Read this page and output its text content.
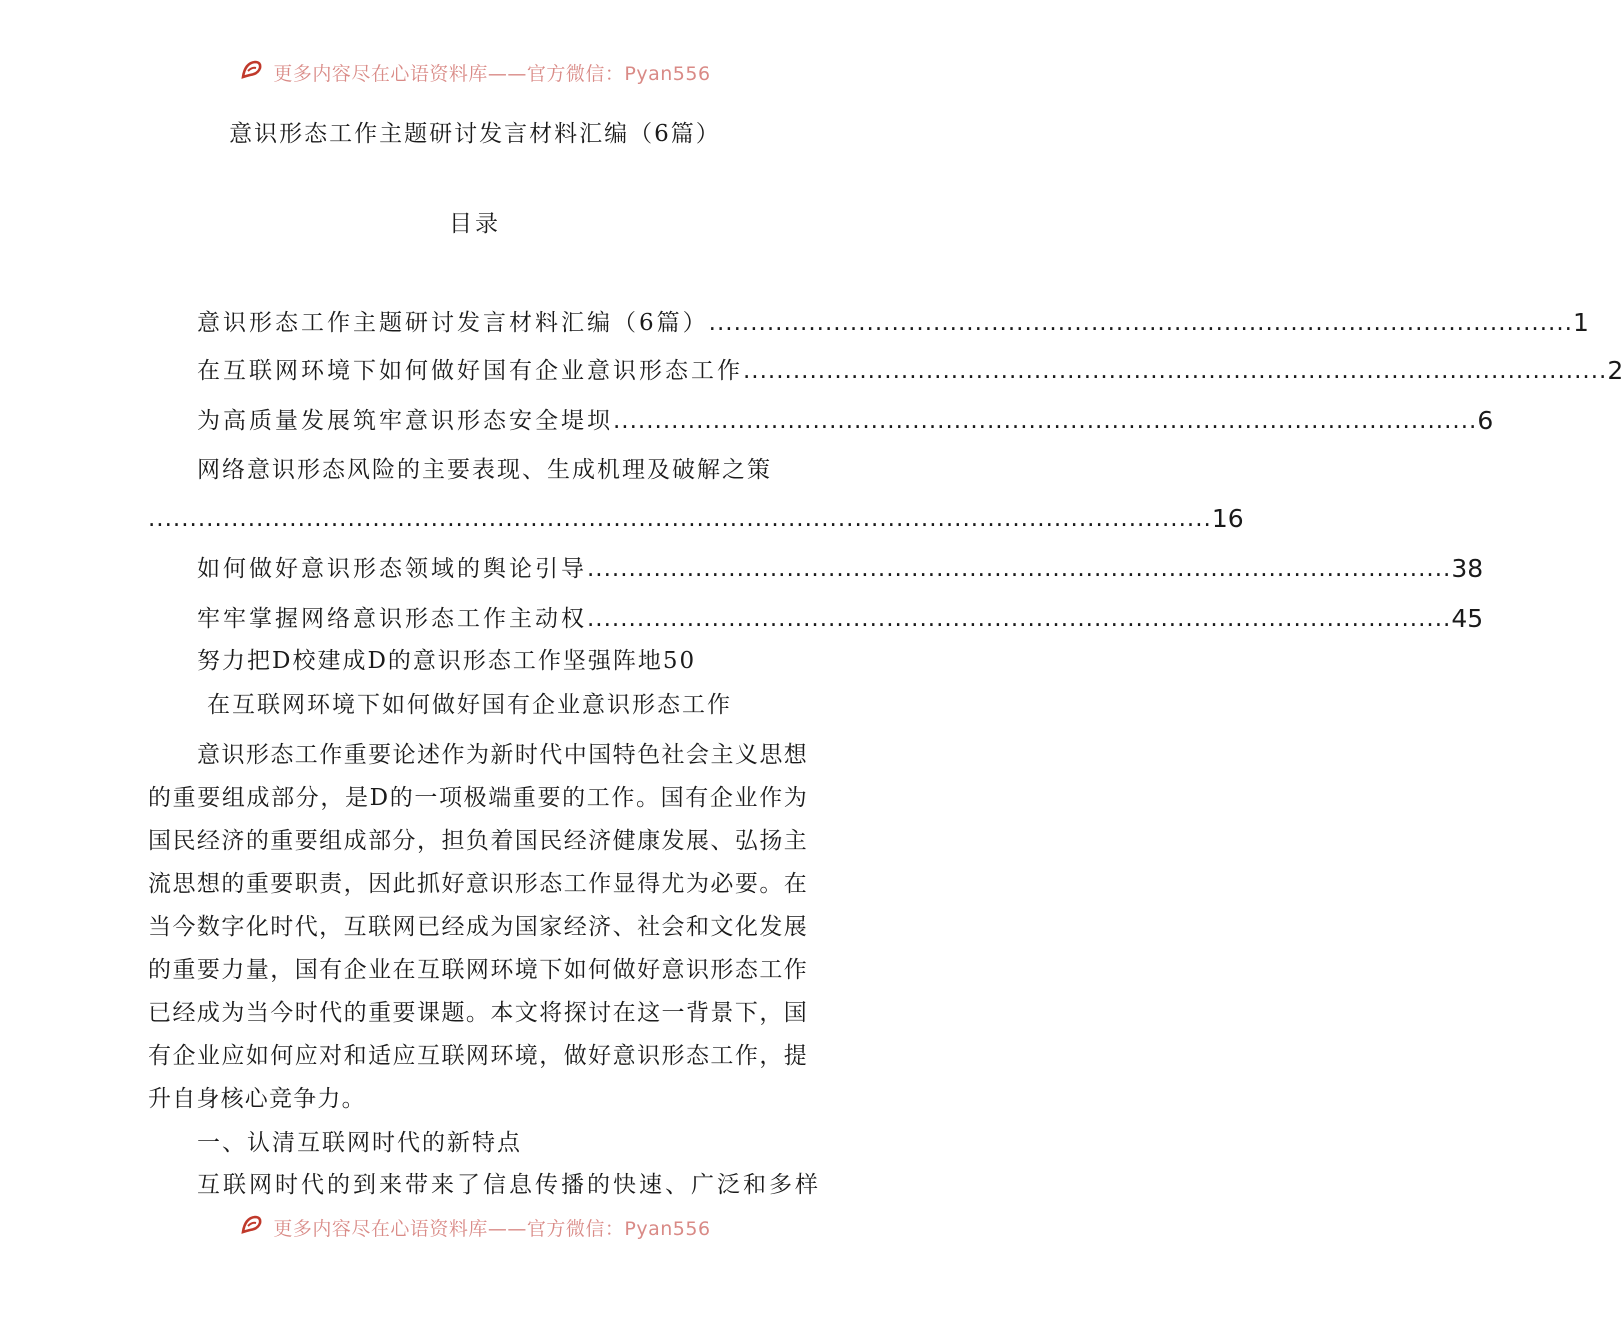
更多内容尽在心语资料库——官方微信：Pyan556
意识形态工作主题研讨发言材料汇编（6篇）
目录
意识形态工作主题研讨发言材料汇编（6篇） ........................................................................................................ 1
在互联网环境下如何做好国有企业意识形态工作 ........................................................................................................ 2
为高质量发展筑牢意识形态安全堤坝 ........................................................................................................ 6
网络意识形态风险的主要表现、生成机理及破解之策
................................................................................................................................ 16
如何做好意识形态领域的舆论引导 ........................................................................................................ 38
牢牢掌握网络意识形态工作主动权 ........................................................................................................ 45
努力把D校建成D的意识形态工作坚强阵地50
在互联网环境下如何做好国有企业意识形态工作

意识形态工作重要论述作为新时代中国特色社会主义思想的重要组成部分，是D的一项极端重要的工作。国有企业作为国民经济的重要组成部分，担负着国民经济健康发展、弘扬主流思想的重要职责，因此抓好意识形态工作显得尤为必要。在当今数字化时代，互联网已经成为国家经济、社会和文化发展的重要力量，国有企业在互联网环境下如何做好意识形态工作已经成为当今时代的重要课题。本文将探讨在这一背景下，国有企业应如何应对和适应互联网环境，做好意识形态工作，提升自身核心竞争力。

一、认清互联网时代的新特点
互联网时代的到来带来了信息传播的快速、广泛和多样
更多内容尽在心语资料库——官方微信：Pyan556
